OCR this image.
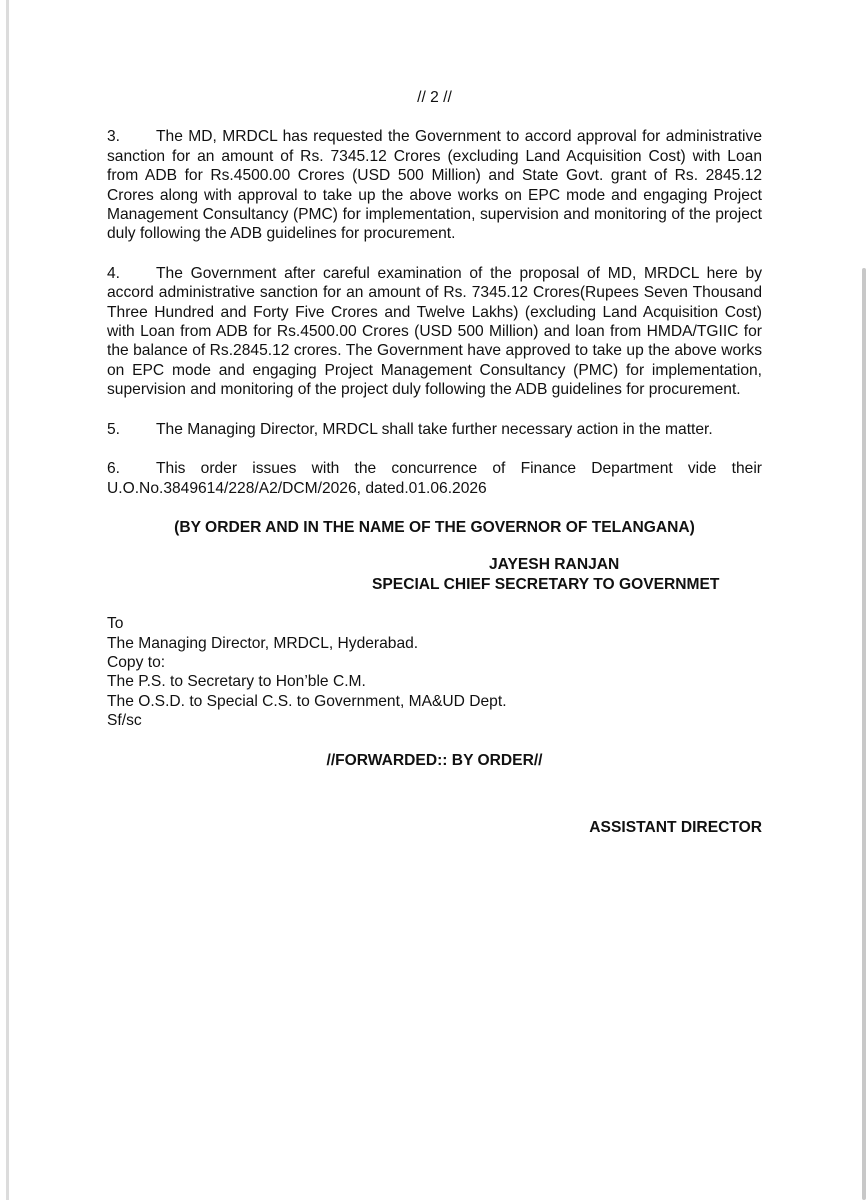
// 2 //
3. The MD, MRDCL has requested the Government to accord approval for administrative sanction for an amount of Rs. 7345.12 Crores (excluding Land Acquisition Cost) with Loan from ADB for Rs.4500.00 Crores (USD 500 Million) and State Govt. grant of Rs. 2845.12 Crores along with approval to take up the above works on EPC mode and engaging Project Management Consultancy (PMC) for implementation, supervision and monitoring of the project duly following the ADB guidelines for procurement.
4. The Government after careful examination of the proposal of MD, MRDCL here by accord administrative sanction for an amount of Rs. 7345.12 Crores(Rupees Seven Thousand Three Hundred and Forty Five Crores and Twelve Lakhs) (excluding Land Acquisition Cost) with Loan from ADB for Rs.4500.00 Crores (USD 500 Million) and loan from HMDA/TGIIC for the balance of Rs.2845.12 crores. The Government have approved to take up the above works on EPC mode and engaging Project Management Consultancy (PMC) for implementation, supervision and monitoring of the project duly following the ADB guidelines for procurement.
5. The Managing Director, MRDCL shall take further necessary action in the matter.
6. This order issues with the concurrence of Finance Department vide their U.O.No.3849614/228/A2/DCM/2026, dated.01.06.2026
(BY ORDER AND IN THE NAME OF THE GOVERNOR OF TELANGANA)
JAYESH RANJAN
SPECIAL CHIEF SECRETARY TO GOVERNMET
To
The Managing Director, MRDCL, Hyderabad.
Copy to:
The P.S. to Secretary to Hon’ble C.M.
The O.S.D. to Special C.S. to Government, MA&UD Dept.
Sf/sc
//FORWARDED:: BY ORDER//
ASSISTANT DIRECTOR
